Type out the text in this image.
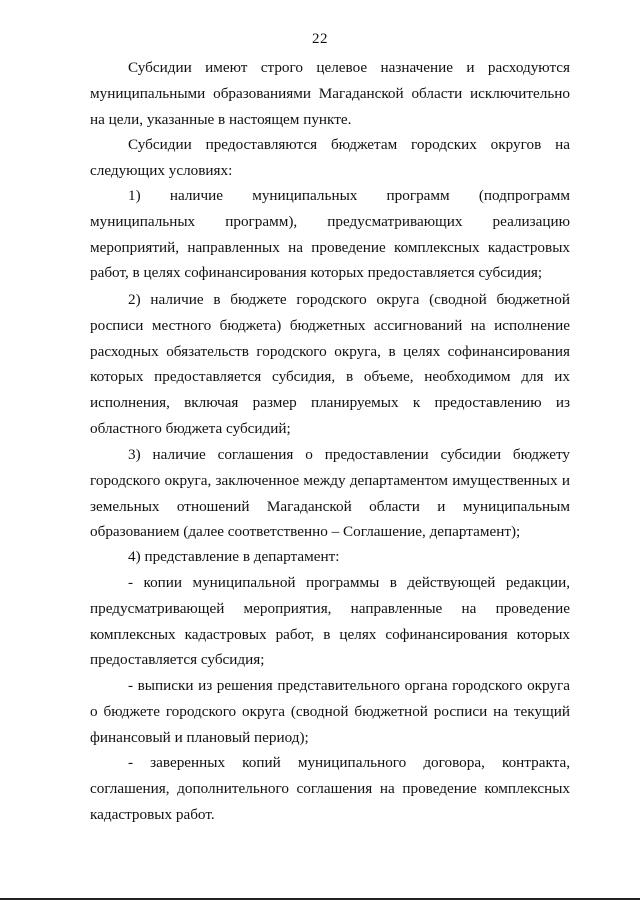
22

Субсидии имеют строго целевое назначение и расходуются муниципальными образованиями Магаданской области исключительно на цели, указанные в настоящем пункте.

Субсидии предоставляются бюджетам городских округов на следующих условиях:

1) наличие муниципальных программ (подпрограмм муниципальных программ), предусматривающих реализацию мероприятий, направленных на проведение комплексных кадастровых работ, в целях софинансирования которых предоставляется субсидия;

2) наличие в бюджете городского округа (сводной бюджетной росписи местного бюджета) бюджетных ассигнований на исполнение расходных обязательств городского округа, в целях софинансирования которых предоставляется субсидия, в объеме, необходимом для их исполнения, включая размер планируемых к предоставлению из областного бюджета субсидий;

3) наличие соглашения о предоставлении субсидии бюджету городского округа, заключенное между департаментом имущественных и земельных отношений Магаданской области и муниципальным образованием (далее соответственно – Соглашение, департамент);

4) представление в департамент:

- копии муниципальной программы в действующей редакции, предусматривающей мероприятия, направленные на проведение комплексных кадастровых работ, в целях софинансирования которых предоставляется субсидия;

- выписки из решения представительного органа городского округа о бюджете городского округа (сводной бюджетной росписи на текущий финансовый и плановый период);

- заверенных копий муниципального договора, контракта, соглашения, дополнительного соглашения на проведение комплексных кадастровых работ.
